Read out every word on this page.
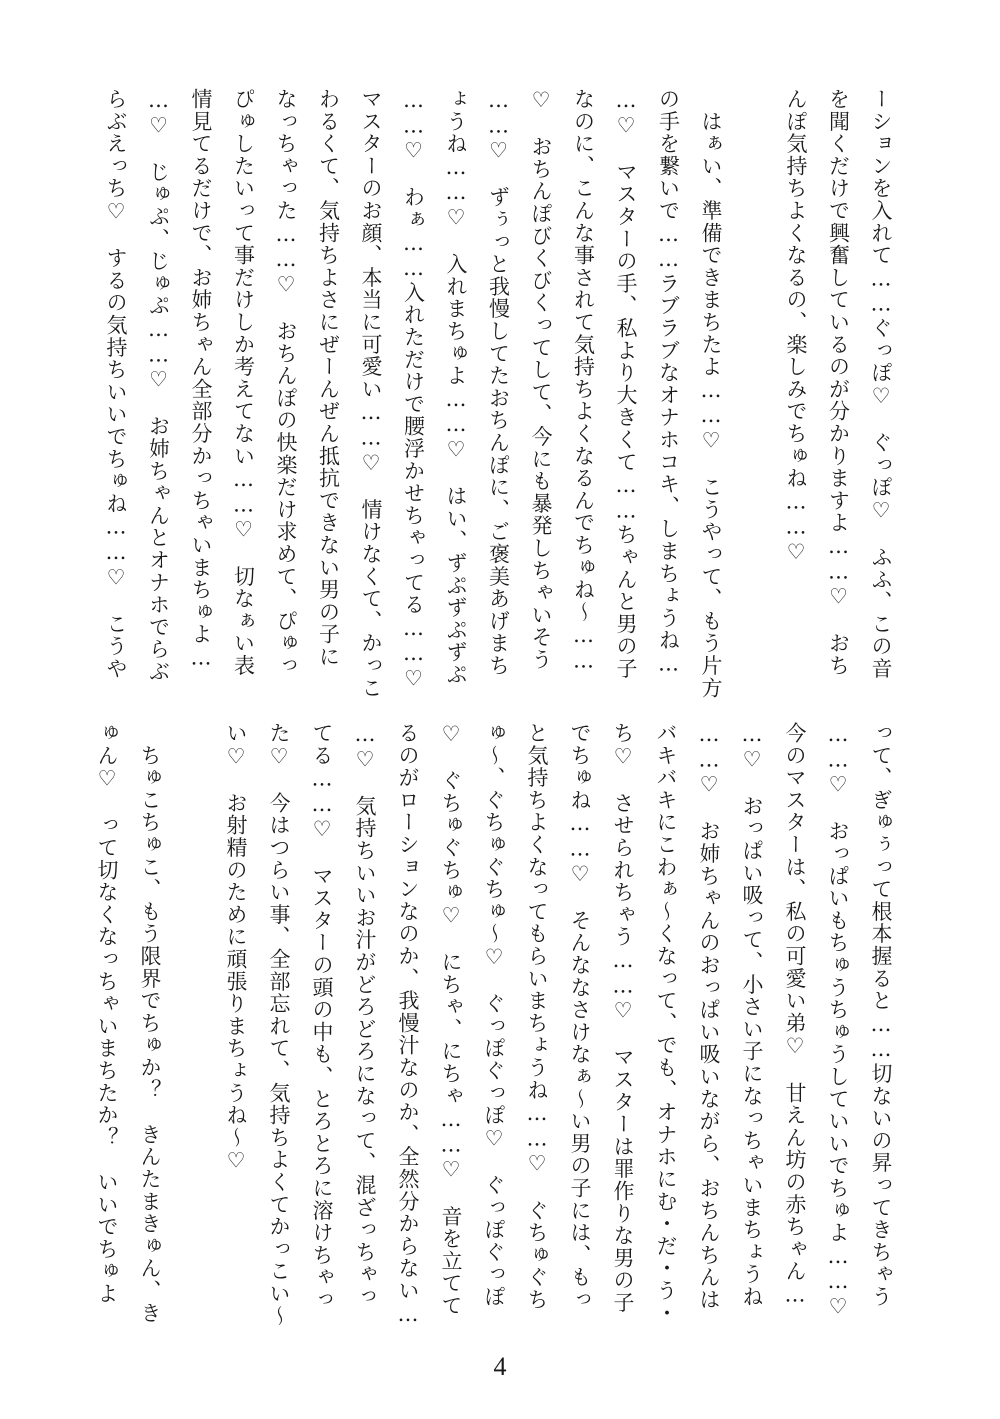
ーションを入れて……ぐっぽ♡　ぐっぽ♡　ふふ、この音
を聞くだけで興奮しているのが分かりますよ……♡　おち
んぽ気持ちよくなるの、楽しみでちゅね……♡
　はぁい、準備できまちたよ……♡　こうやって、もう片方
の手を繋いで……ラブラブなオナホコキ、しまちょうね…
…♡　マスターの手、私より大きくて……ちゃんと男の子
なのに、こんな事されて気持ちよくなるんでちゅね～……
♡　おちんぽびくびくってして、今にも暴発しちゃいそう
……♡　ずぅっと我慢してたおちんぽに、ご褒美あげまち
ょうね……♡　入れまちゅよ……♡　はい、ずぷずぷずぷ
……♡　わぁ……入れただけで腰浮かせちゃってる……♡
マスターのお顔、本当に可愛い……♡　情けなくて、かっこ
わるくて、気持ちよさにぜーんぜん抵抗できない男の子に
なっちゃった……♡　おちんぽの快楽だけ求めて、ぴゅっ
ぴゅしたいって事だけしか考えてない……♡　切なぁい表
情見てるだけで、お姉ちゃん全部分かっちゃいまちゅよ…
…♡　じゅぷ、じゅぷ……♡　お姉ちゃんとオナホでらぶ
らぶえっち♡　するの気持ちいいでちゅね……♡　こうや
って、ぎゅぅって根本握ると……切ないの昇ってきちゃう
……♡　おっぱいもちゅうちゅうしていいでちゅよ……♡
今のマスターは、私の可愛い弟♡　甘えん坊の赤ちゃん…
…♡　おっぱい吸って、小さい子になっちゃいまちょうね
……♡　お姉ちゃんのおっぱい吸いながら、おちんちんは
バキバキにこわぁ～くなって、でも、オナホにむ・だ・う・
ち♡　させられちゃう……♡　マスターは罪作りな男の子
でちゅね……♡　そんななさけなぁ～い男の子には、もっ
と気持ちよくなってもらいまちょうね……♡　ぐちゅぐち
ゅ～、ぐちゅぐちゅ～♡　ぐっぽぐっぽ♡　ぐっぽぐっぽ
♡　ぐちゅぐちゅ♡　にちゃ、にちゃ……♡　音を立てて
るのがローションなのか、我慢汁なのか、全然分からない…
…♡　気持ちいいお汁がどろどろになって、混ざっちゃっ
てる……♡　マスターの頭の中も、とろとろに溶けちゃっ
た♡　今はつらい事、全部忘れて、気持ちよくてかっこい～
い♡　お射精のために頑張りまちょうね～♡
　ちゅこちゅこ、もう限界でちゅか？　きんたまきゅん、き
ゅん♡　って切なくなっちゃいまちたか？　いいでちゅよ
4
